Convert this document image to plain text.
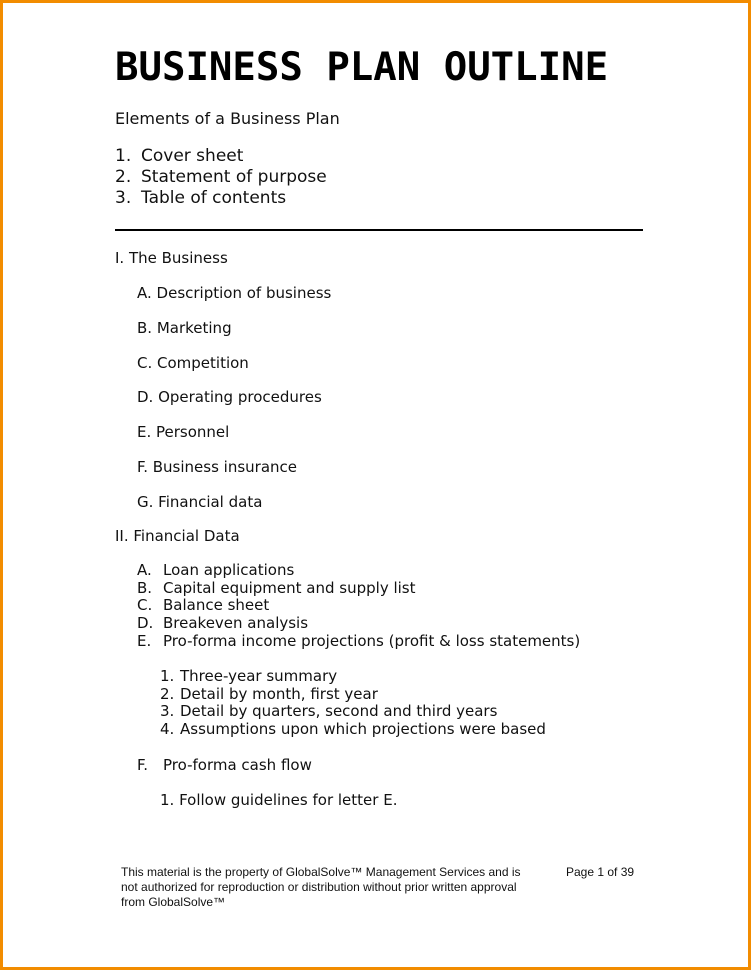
BUSINESS PLAN OUTLINE
Elements of a Business Plan
1. Cover sheet
2. Statement of purpose
3. Table of contents
I. The Business
A. Description of business
B. Marketing
C. Competition
D. Operating procedures
E. Personnel
F. Business insurance
G. Financial data
II. Financial Data
A. Loan applications
B. Capital equipment and supply list
C. Balance sheet
D. Breakeven analysis
E. Pro-forma income projections (profit & loss statements)
1. Three-year summary
2. Detail by month, first year
3. Detail by quarters, second and third years
4. Assumptions upon which projections were based
F. Pro-forma cash flow
1. Follow guidelines for letter E.
This material is the property of GlobalSolve™ Management Services and is
not authorized for reproduction or distribution without prior written approval
from GlobalSolve™
Page 1 of 39
